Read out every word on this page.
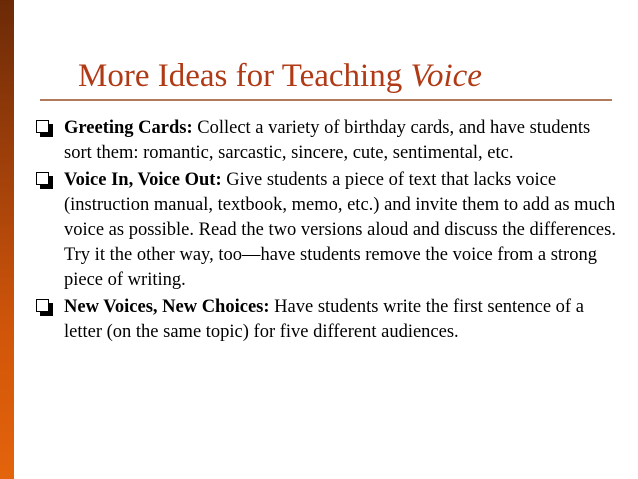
More Ideas for Teaching Voice
Greeting Cards: Collect a variety of birthday cards, and have students sort them: romantic, sarcastic, sincere, cute, sentimental, etc.
Voice In, Voice Out: Give students a piece of text that lacks voice (instruction manual, textbook, memo, etc.) and invite them to add as much voice as possible. Read the two versions aloud and discuss the differences. Try it the other way, too—have students remove the voice from a strong piece of writing.
New Voices, New Choices: Have students write the first sentence of a letter (on the same topic) for five different audiences.
